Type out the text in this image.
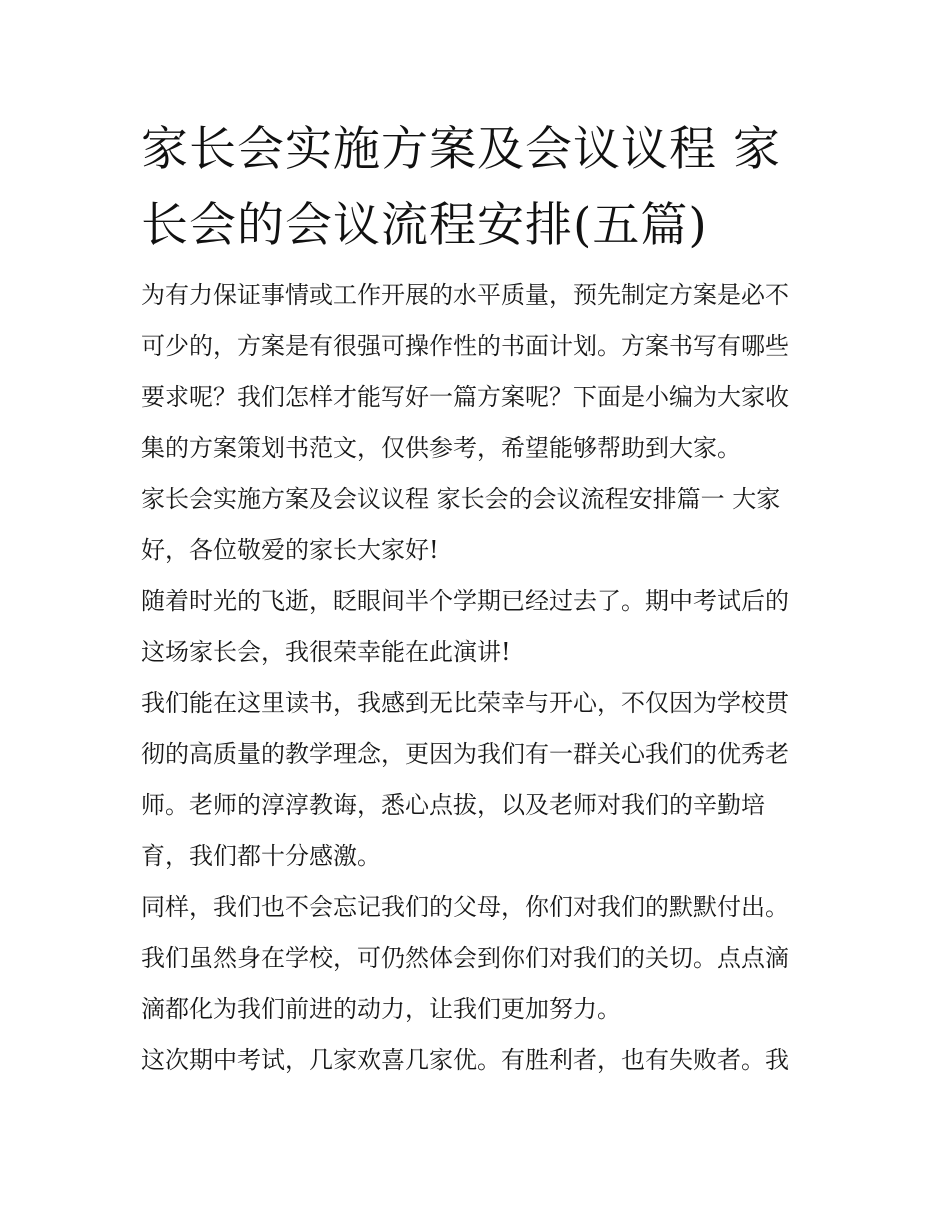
家长会实施方案及会议议程 家
长会的会议流程安排(五篇)

为有力保证事情或工作开展的水平质量，预先制定方案是必不
可少的，方案是有很强可操作性的书面计划。方案书写有哪些
要求呢？我们怎样才能写好一篇方案呢？下面是小编为大家收
集的方案策划书范文，仅供参考，希望能够帮助到大家。

家长会实施方案及会议议程 家长会的会议流程安排篇一 大家
好，各位敬爱的家长大家好!

随着时光的飞逝，眨眼间半个学期已经过去了。期中考试后的
这场家长会，我很荣幸能在此演讲!

我们能在这里读书，我感到无比荣幸与开心，不仅因为学校贯
彻的高质量的教学理念，更因为我们有一群关心我们的优秀老
师。老师的淳淳教诲，悉心点拔，以及老师对我们的辛勤培
育，我们都十分感激。

同样，我们也不会忘记我们的父母，你们对我们的默默付出。
我们虽然身在学校，可仍然体会到你们对我们的关切。点点滴
滴都化为我们前进的动力，让我们更加努力。

这次期中考试，几家欢喜几家优。有胜利者，也有失败者。我
